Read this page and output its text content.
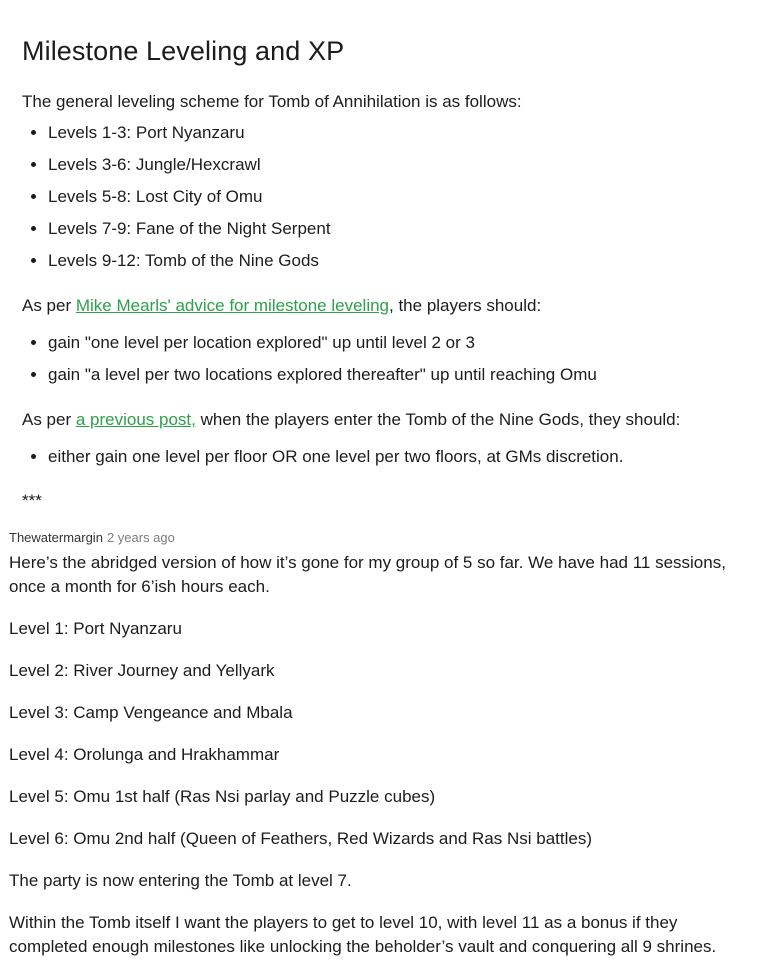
Milestone Leveling and XP

The general leveling scheme for Tomb of Annihilation is as follows:

• Levels 1-3: Port Nyanzaru
• Levels 3-6: Jungle/Hexcrawl
• Levels 5-8: Lost City of Omu
• Levels 7-9: Fane of the Night Serpent
• Levels 9-12: Tomb of the Nine Gods

As per Mike Mearls' advice for milestone leveling, the players should:

• gain "one level per location explored" up until level 2 or 3
• gain "a level per two locations explored thereafter" up until reaching Omu

As per a previous post, when the players enter the Tomb of the Nine Gods, they should:

• either gain one level per floor OR one level per two floors, at GMs discretion.

***

Thewatermargin 2 years ago

Here’s the abridged version of how it’s gone for my group of 5 so far. We have had 11 sessions, once a month for 6’ish hours each.

Level 1: Port Nyanzaru

Level 2: River Journey and Yellyark

Level 3: Camp Vengeance and Mbala

Level 4: Orolunga and Hrakhammar

Level 5: Omu 1st half (Ras Nsi parlay and Puzzle cubes)

Level 6: Omu 2nd half (Queen of Feathers, Red Wizards and Ras Nsi battles)

The party is now entering the Tomb at level 7.

Within the Tomb itself I want the players to get to level 10, with level 11 as a bonus if they completed enough milestones like unlocking the beholder’s vault and conquering all 9 shrines.
